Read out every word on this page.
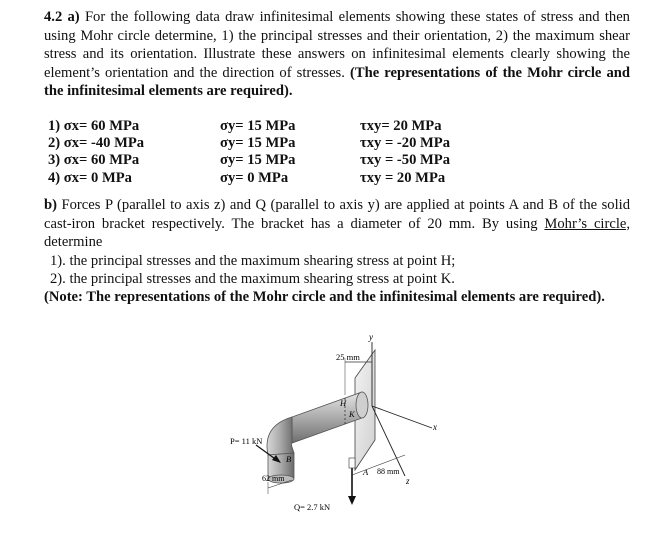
4.2 a) For the following data draw infinitesimal elements showing these states of stress and then using Mohr circle determine, 1) the principal stresses and their orientation, 2) the maximum shear stress and its orientation. Illustrate these answers on infinitesimal elements clearly showing the element’s orientation and the direction of stresses. (The representations of the Mohr circle and the infinitesimal elements are required).
1) σx= 60 MPa
2) σx= -40 MPa
3) σx= 60 MPa
4) σx= 0 MPa
σy= 15 MPa
σy= 15 MPa
σy= 15 MPa
σy= 0 MPa
τxy= 20 MPa
τxy = -20 MPa
τxy = -50 MPa
τxy = 20 MPa
b) Forces P (parallel to axis z) and Q (parallel to axis y) are applied at points A and B of the solid cast-iron bracket respectively. The bracket has a diameter of 20 mm. By using Mohr’s circle, determine
1). the principal stresses and the maximum shearing stress at point H;
2). the principal stresses and the maximum shearing stress at point K.
(Note: The representations of the Mohr circle and the infinitesimal elements are required).
y
x
z
25 mm
H
K
P= 11 kN
B
62 mm
A 88 mm
Q= 2.7 kN
